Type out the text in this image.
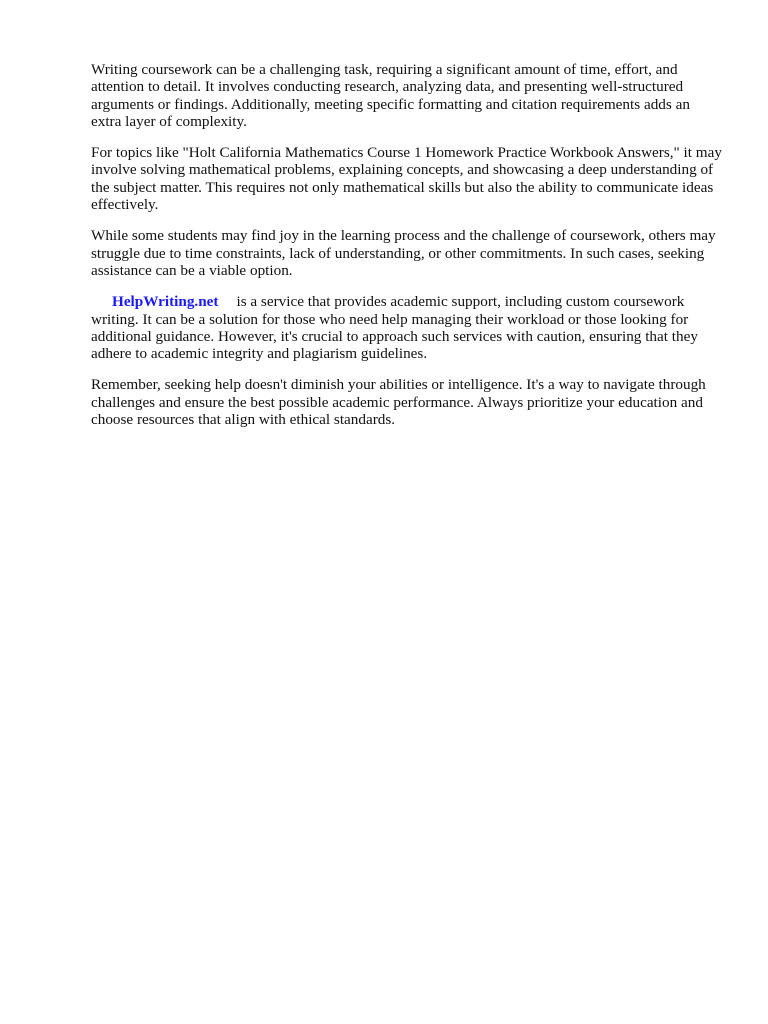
Writing coursework can be a challenging task, requiring a significant amount of time, effort, and attention to detail. It involves conducting research, analyzing data, and presenting well-structured arguments or findings. Additionally, meeting specific formatting and citation requirements adds an extra layer of complexity.

For topics like "Holt California Mathematics Course 1 Homework Practice Workbook Answers," it may involve solving mathematical problems, explaining concepts, and showcasing a deep understanding of the subject matter. This requires not only mathematical skills but also the ability to communicate ideas effectively.

While some students may find joy in the learning process and the challenge of coursework, others may struggle due to time constraints, lack of understanding, or other commitments. In such cases, seeking assistance can be a viable option.

HelpWriting.net is a service that provides academic support, including custom coursework writing. It can be a solution for those who need help managing their workload or those looking for additional guidance. However, it's crucial to approach such services with caution, ensuring that they adhere to academic integrity and plagiarism guidelines.

Remember, seeking help doesn't diminish your abilities or intelligence. It's a way to navigate through challenges and ensure the best possible academic performance. Always prioritize your education and choose resources that align with ethical standards.
